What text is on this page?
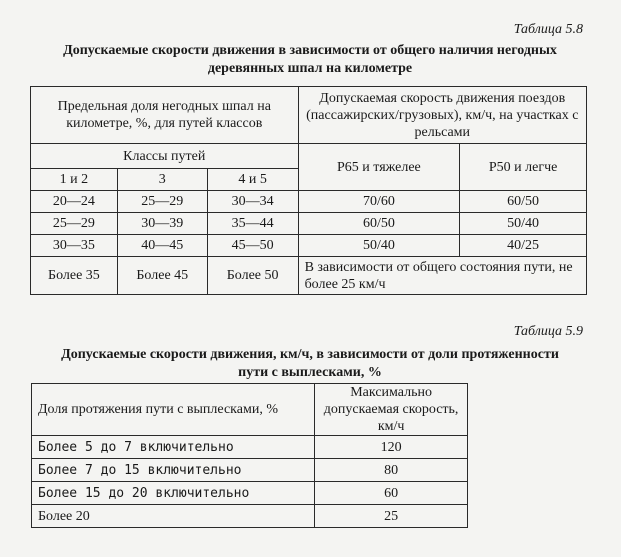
Таблица 5.8
Допускаемые скорости движения в зависимости от общего наличия негодных
деревянных шпал на километре
Предельная доля негодных шпал на километре, %, для путей классов			Допускаемая скорость движения поездов (пассажирских/грузовых), км/ч, на участках с рельсами	
Классы путей			Р65 и тяжелее	Р50 и легче
1 и 2	3	4 и 5		
20—24	25—29	30—34	70/60	60/50
25—29	30—39	35—44	60/50	50/40
30—35	40—45	45—50	50/40	40/25
Более 35	Более 45	Более 50	В зависимости от общего состояния пути, не более 25 км/ч	
Таблица 5.9
Допускаемые скорости движения, км/ч, в зависимости от доли протяженности
пути с выплесками, %
Доля протяжения пути с выплесками, %	Максимально допускаемая скорость, км/ч
Более 5 до 7 включительно	120
Более 7 до 15 включительно	80
Более 15 до 20 включительно	60
Более 20	25
